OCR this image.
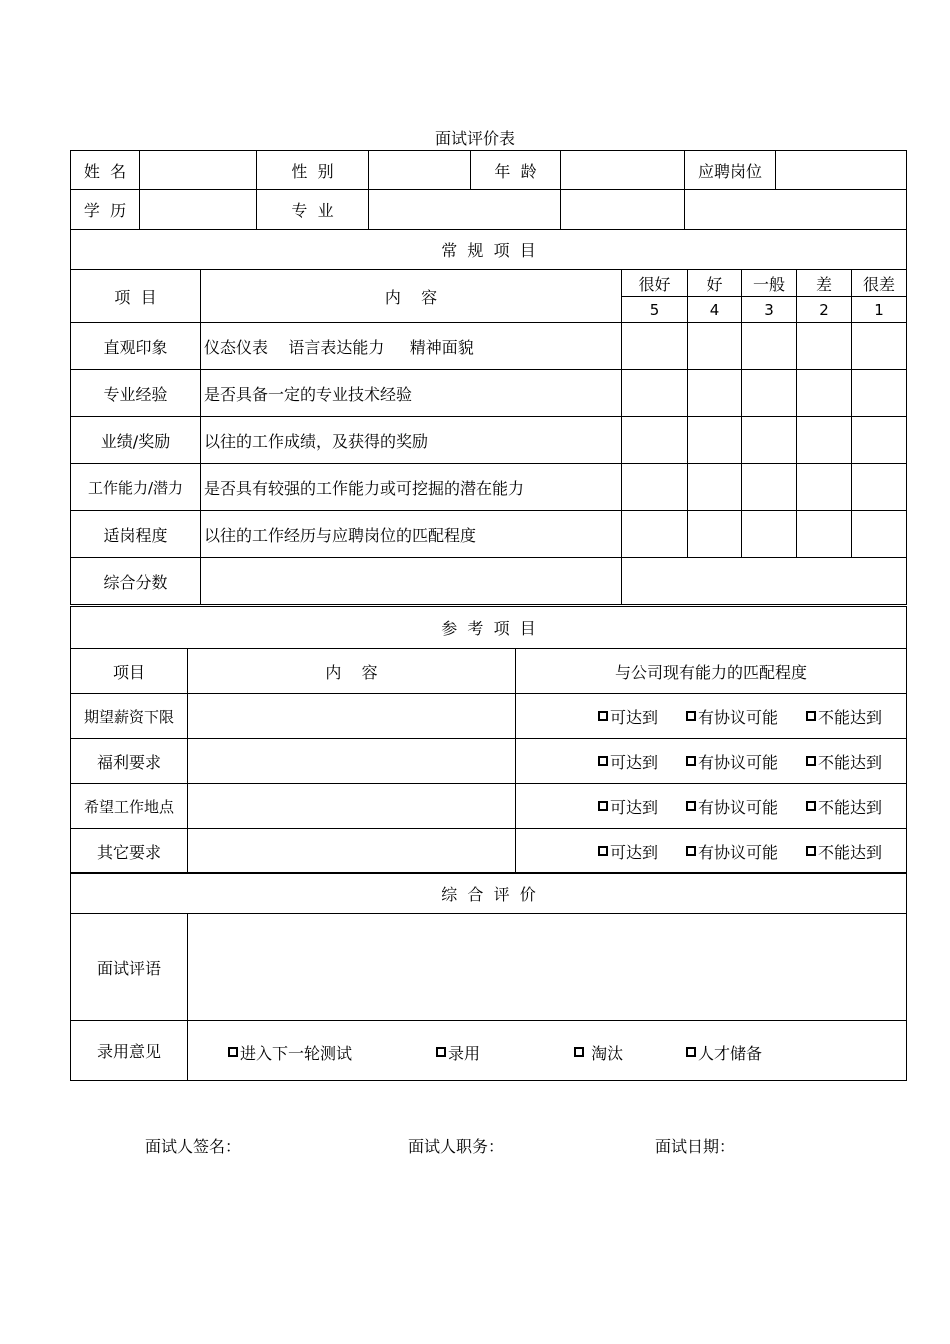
面试评价表
姓  名		性  别		年  龄		应聘岗位	
学  历		专  业					
常  规  项  目						
项  目	内    容	很好	好	一般	差	很差
		5	4	3	2	1
直观印象	仪态仪表    语言表达能力     精神面貌					
专业经验	是否具备一定的专业技术经验					
业绩/奖励	以往的工作成绩，及获得的奖励					
工作能力/潜力	是否具有较强的工作能力或可挖掘的潜在能力					
适岗程度	以往的工作经历与应聘岗位的匹配程度					
综合分数						
参  考  项  目		
项目	内    容	与公司现有能力的匹配程度
期望薪资下限		可达到 有协议可能 不能达到

福利要求		可达到 有协议可能 不能达到

希望工作地点		可达到 有协议可能 不能达到

其它要求		可达到 有协议可能 不能达到
综  合  评  价	
面试评语	
录用意见	进入下一轮测试 录用 淘汰 人才储备
面试人签名：	面试人职务：	面试日期：
